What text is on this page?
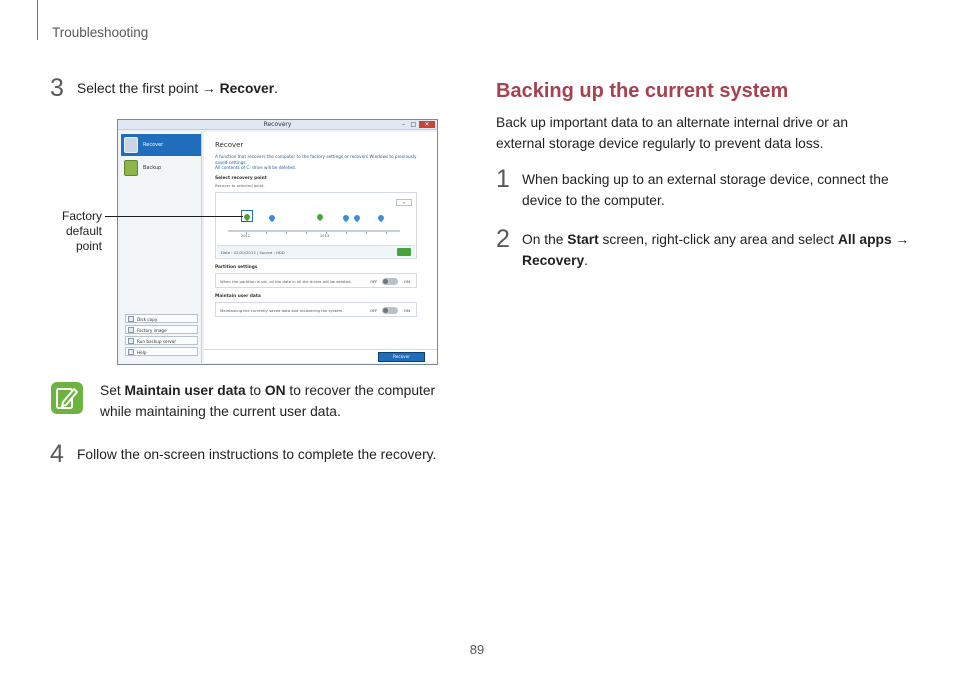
Troubleshooting
3 Select the first point → Recover.
Recovery	– □	✕
Recover
Backup
Disk copy
Factory image
Run backup server
Help
Recover
A function that recovers the computer to the factory settings or recovers Windows to previously saved settings.
All contents of C: drive will be deleted.
Select recovery point
Recover to selected point.
⌕
2012	2013
Date : 02/20/2013 | Source : HDD
Partition settings
When the partition is set, all the data in all the drives will be deleted.	OFF	ON
Maintain user data
Maintaining the currently saved data and recovering the system.	OFF	ON
Recover
Factory
default
point
Set Maintain user data to ON to recover the computer
while maintaining the current user data.
4 Follow the on-screen instructions to complete the recovery.
Backing up the current system
Back up important data to an alternate internal drive or an
external storage device regularly to prevent data loss.
1 When backing up to an external storage device, connect the
device to the computer.
2 On the Start screen, right-click any area and select All apps →
Recovery.
89
